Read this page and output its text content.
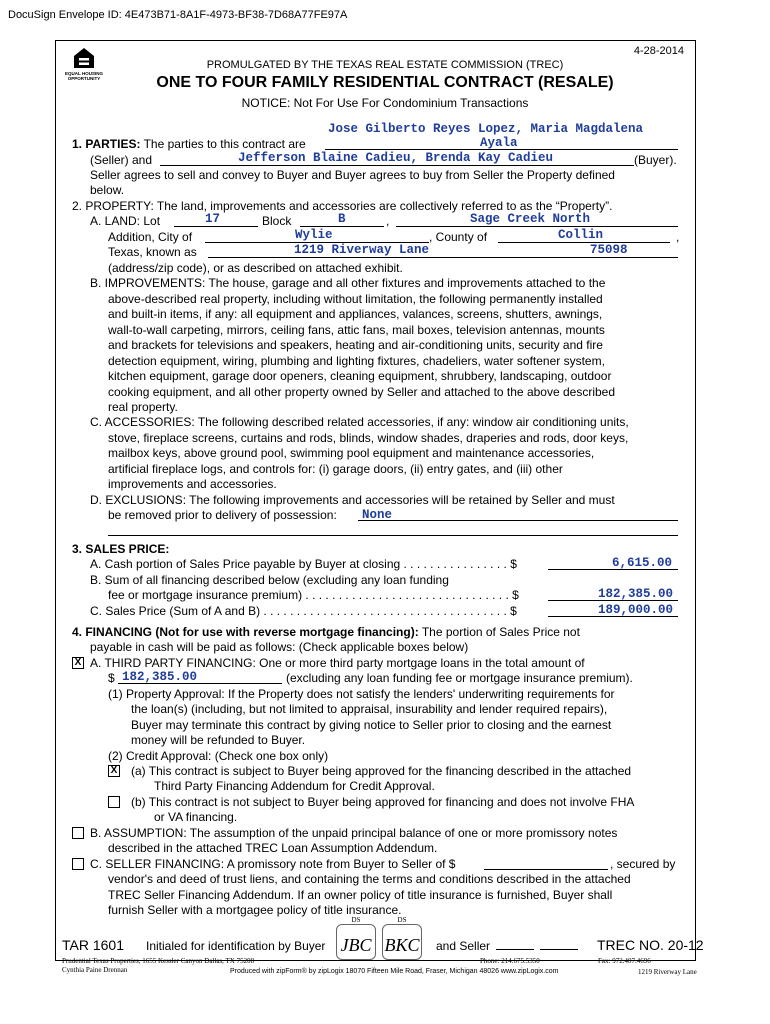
DocuSign Envelope ID: 4E473B71-8A1F-4973-BF38-7D68A77FE97A
EQUAL HOUSING OPPORTUNITY
4-28-2014
PROMULGATED BY THE TEXAS REAL ESTATE COMMISSION (TREC)
ONE TO FOUR FAMILY RESIDENTIAL CONTRACT (RESALE)
NOTICE: Not For Use For Condominium Transactions
Jose Gilberto Reyes Lopez, Maria Magdalena
1. PARTIES: The parties to this contract are	Ayala
(Seller) and	Jefferson Blaine Cadieu, Brenda Kay Cadieu	(Buyer).
Seller agrees to sell and convey to Buyer and Buyer agrees to buy from Seller the Property defined
below.
2. PROPERTY: The land, improvements and accessories are collectively referred to as the “Property”.
A. LAND: Lot	17	Block	B	,	Sage Creek North
Addition, City of	Wylie	, County of	Collin	,
Texas, known as	1219 Riverway Lane	75098
(address/zip code), or as described on attached exhibit.
B. IMPROVEMENTS: The house, garage and all other fixtures and improvements attached to the
above-described real property, including without limitation, the following permanently installed
and built-in items, if any: all equipment and appliances, valances, screens, shutters, awnings,
wall-to-wall carpeting, mirrors, ceiling fans, attic fans, mail boxes, television antennas, mounts
and brackets for televisions and speakers, heating and air-conditioning units, security and fire
detection equipment, wiring, plumbing and lighting fixtures, chadeliers, water softener system,
kitchen equipment, garage door openers, cleaning equipment, shrubbery, landscaping, outdoor
cooking equipment, and all other property owned by Seller and attached to the above described
real property.
C. ACCESSORIES: The following described related accessories, if any: window air conditioning units,
stove, fireplace screens, curtains and rods, blinds, window shades, draperies and rods, door keys,
mailbox keys, above ground pool, swimming pool equipment and maintenance accessories,
artificial fireplace logs, and controls for: (i) garage doors, (ii) entry gates, and (iii) other
improvements and accessories.
D. EXCLUSIONS: The following improvements and accessories will be retained by Seller and must
be removed prior to delivery of possession: None
3. SALES PRICE:
A. Cash portion of Sales Price payable by Buyer at closing . . . . . . . . . . . . . . . . $	6,615.00
B. Sum of all financing described below (excluding any loan funding
fee or mortgage insurance premium) . . . . . . . . . . . . . . . . . . . . . . . . . . . . . . . $	182,385.00
C. Sales Price (Sum of A and B) . . . . . . . . . . . . . . . . . . . . . . . . . . . . . . . . . . . . . $	189,000.00
4. FINANCING (Not for use with reverse mortgage financing): The portion of Sales Price not
payable in cash will be paid as follows: (Check applicable boxes below)
X A. THIRD PARTY FINANCING: One or more third party mortgage loans in the total amount of
$ 182,385.00	(excluding any loan funding fee or mortgage insurance premium).
(1) Property Approval: If the Property does not satisfy the lenders' underwriting requirements for
the loan(s) (including, but not limited to appraisal, insurability and lender required repairs),
Buyer may terminate this contract by giving notice to Seller prior to closing and the earnest
money will be refunded to Buyer.
(2) Credit Approval: (Check one box only)
X (a) This contract is subject to Buyer being approved for the financing described in the attached
Third Party Financing Addendum for Credit Approval.
(b) This contract is not subject to Buyer being approved for financing and does not involve FHA
or VA financing.
B. ASSUMPTION: The assumption of the unpaid principal balance of one or more promissory notes
described in the attached TREC Loan Assumption Addendum.
C. SELLER FINANCING: A promissory note from Buyer to Seller of $	, secured by
vendor's and deed of trust liens, and containing the terms and conditions described in the attached
TREC Seller Financing Addendum. If an owner policy of title insurance is furnished, Buyer shall
furnish Seller with a mortgagee policy of title insurance.
TAR 1601 Initialed for identification by Buyer
DS
JBC
DS
BKC and Seller	TREC NO. 20-12
Prudential Texas Properties, 1655 Kessler Canyon Dallas, TX 75208
Cynthia Paine Drennan
Phone: 214.675.5350	Fax: 972.407.4696
Produced with zipForm® by zipLogix 18070 Fifteen Mile Road, Fraser, Michigan 48026 www.zipLogix.com	1219 Riverway Lane
